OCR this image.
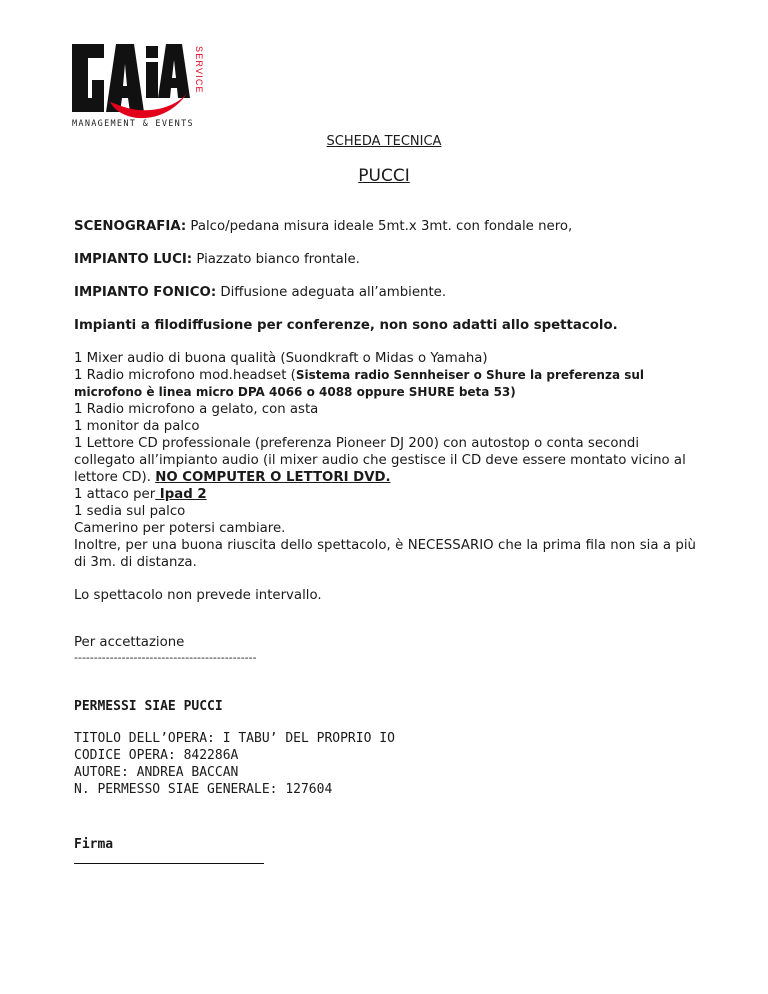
SERVICE
MANAGEMENT & EVENTS
SCHEDA TECNICA
PUCCI

SCENOGRAFIA: Palco/pedana misura ideale 5mt.x 3mt. con fondale nero,

IMPIANTO LUCI: Piazzato bianco frontale.

IMPIANTO FONICO: Diffusione adeguata all’ambiente.

Impianti a filodiffusione per conferenze, non sono adatti allo spettacolo.

1 Mixer audio di buona qualità (Suondkraft o Midas o Yamaha)

1 Radio microfono mod.headset (Sistema radio Sennheiser o Shure la preferenza sul microfono è linea micro DPA 4066 o 4088 oppure SHURE beta 53)

1 Radio microfono a gelato, con asta

1 monitor da palco

1 Lettore CD professionale (preferenza Pioneer DJ 200) con autostop o conta secondi collegato all’impianto audio (il mixer audio che gestisce il CD deve essere montato vicino al lettore CD). NO COMPUTER O LETTORI DVD.

1 attaco per Ipad 2

1 sedia sul palco

Camerino per potersi cambiare.

Inoltre, per una buona riuscita dello spettacolo, è NECESSARIO che la prima fila non sia a più di 3m. di distanza.

Lo spettacolo non prevede intervallo.

Per accettazione

----------------------------------------------

PERMESSI SIAE PUCCI

TITOLO DELL’OPERA: I TABU’ DEL PROPRIO IO

CODICE OPERA: 842286A

AUTORE: ANDREA BACCAN

N. PERMESSO SIAE GENERALE: 127604

Firma
